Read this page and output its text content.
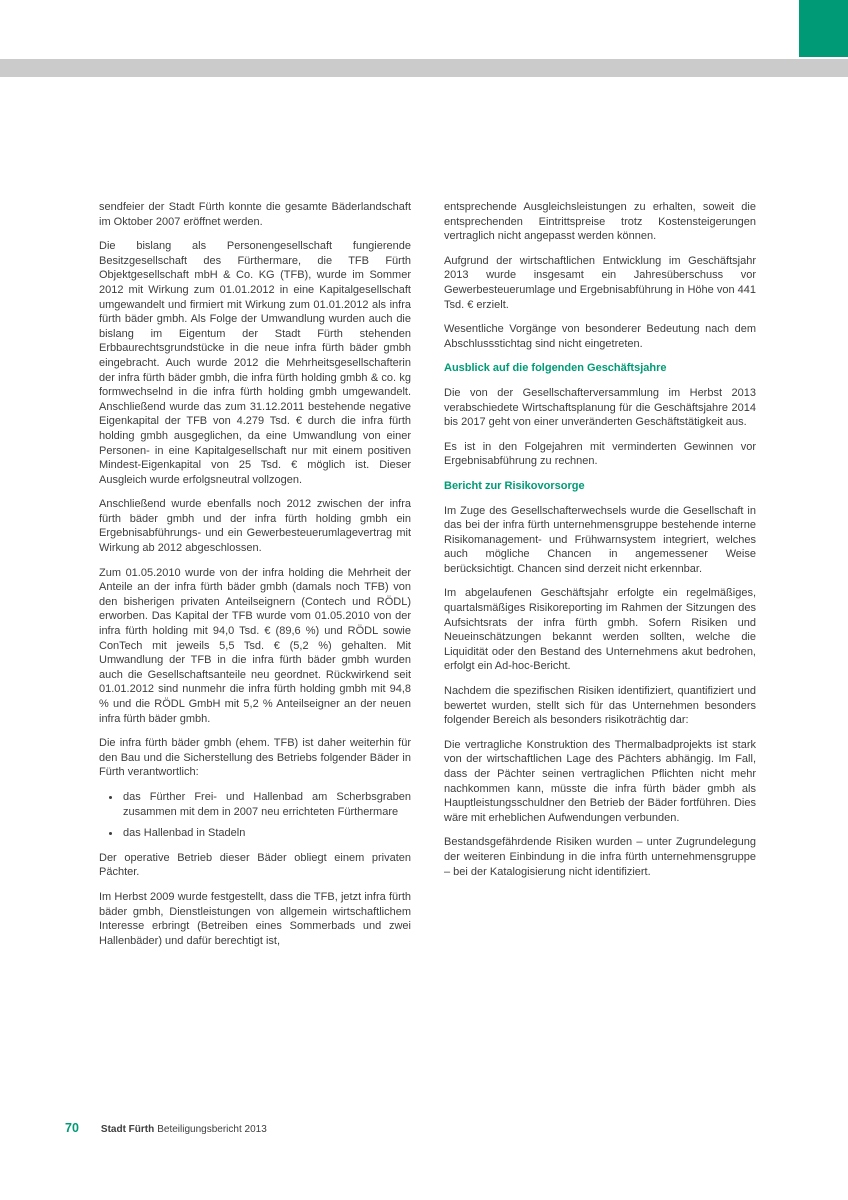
sendfeier der Stadt Fürth konnte die gesamte Bäderlandschaft im Oktober 2007 eröffnet werden.

Die bislang als Personengesellschaft fungierende Besitzgesellschaft des Fürthermare, die TFB Fürth Objektgesellschaft mbH & Co. KG (TFB), wurde im Sommer 2012 mit Wirkung zum 01.01.2012 in eine Kapitalgesellschaft umgewandelt und firmiert mit Wirkung zum 01.01.2012 als infra fürth bäder gmbh. Als Folge der Umwandlung wurden auch die bislang im Eigentum der Stadt Fürth stehenden Erbbaurechtsgrundstücke in die neue infra fürth bäder gmbh eingebracht. Auch wurde 2012 die Mehrheitsgesellschafterin der infra fürth bäder gmbh, die infra fürth holding gmbh & co. kg formwechselnd in die infra fürth holding gmbh umgewandelt. Anschließend wurde das zum 31.12.2011 bestehende negative Eigenkapital der TFB von 4.279 Tsd. € durch die infra fürth holding gmbh ausgeglichen, da eine Umwandlung von einer Personen- in eine Kapitalgesellschaft nur mit einem positiven Mindest-Eigenkapital von 25 Tsd. € möglich ist. Dieser Ausgleich wurde erfolgsneutral vollzogen.

Anschließend wurde ebenfalls noch 2012 zwischen der infra fürth bäder gmbh und der infra fürth holding gmbh ein Ergebnisabführungs- und ein Gewerbesteuerumlagevertrag mit Wirkung ab 2012 abgeschlossen.

Zum 01.05.2010 wurde von der infra holding die Mehrheit der Anteile an der infra fürth bäder gmbh (damals noch TFB) von den bisherigen privaten Anteilseignern (Contech und RÖDL) erworben. Das Kapital der TFB wurde vom 01.05.2010 von der infra fürth holding mit 94,0 Tsd. € (89,6 %) und RÖDL sowie ConTech mit jeweils 5,5 Tsd. € (5,2 %) gehalten. Mit Umwandlung der TFB in die infra fürth bäder gmbh wurden auch die Gesellschaftsanteile neu geordnet. Rückwirkend seit 01.01.2012 sind nunmehr die infra fürth holding gmbh mit 94,8 % und die RÖDL GmbH mit 5,2 % Anteilseigner an der neuen infra fürth bäder gmbh.

Die infra fürth bäder gmbh (ehem. TFB) ist daher weiterhin für den Bau und die Sicherstellung des Betriebs folgender Bäder in Fürth verantwortlich:

• das Fürther Frei- und Hallenbad am Scherbsgraben zusammen mit dem in 2007 neu errichteten Fürthermare
• das Hallenbad in Stadeln

Der operative Betrieb dieser Bäder obliegt einem privaten Pächter.

Im Herbst 2009 wurde festgestellt, dass die TFB, jetzt infra fürth bäder gmbh, Dienstleistungen von allgemein wirtschaftlichem Interesse erbringt (Betreiben eines Sommerbads und zwei Hallenbäder) und dafür berechtigt ist,

entsprechende Ausgleichsleistungen zu erhalten, soweit die entsprechenden Eintrittspreise trotz Kostensteigerungen vertraglich nicht angepasst werden können.

Aufgrund der wirtschaftlichen Entwicklung im Geschäftsjahr 2013 wurde insgesamt ein Jahresüberschuss vor Gewerbesteuerumlage und Ergebnisabführung in Höhe von 441 Tsd. € erzielt.

Wesentliche Vorgänge von besonderer Bedeutung nach dem Abschlussstichtag sind nicht eingetreten.

Ausblick auf die folgenden Geschäftsjahre

Die von der Gesellschafterversammlung im Herbst 2013 verabschiedete Wirtschaftsplanung für die Geschäftsjahre 2014 bis 2017 geht von einer unveränderten Geschäftstätigkeit aus.

Es ist in den Folgejahren mit verminderten Gewinnen vor Ergebnisabführung zu rechnen.

Bericht zur Risikovorsorge

Im Zuge des Gesellschafterwechsels wurde die Gesellschaft in das bei der infra fürth unternehmensgruppe bestehende interne Risikomanagement- und Frühwarnsystem integriert, welches auch mögliche Chancen in angemessener Weise berücksichtigt. Chancen sind derzeit nicht erkennbar.

Im abgelaufenen Geschäftsjahr erfolgte ein regelmäßiges, quartalsmäßiges Risikoreporting im Rahmen der Sitzungen des Aufsichtsrats der infra fürth gmbh. Sofern Risiken und Neueinschätzungen bekannt werden sollten, welche die Liquidität oder den Bestand des Unternehmens akut bedrohen, erfolgt ein Ad-hoc-Bericht.

Nachdem die spezifischen Risiken identifiziert, quantifiziert und bewertet wurden, stellt sich für das Unternehmen besonders folgender Bereich als besonders risikoträchtig dar:

Die vertragliche Konstruktion des Thermalbadprojekts ist stark von der wirtschaftlichen Lage des Pächters abhängig. Im Fall, dass der Pächter seinen vertraglichen Pflichten nicht mehr nachkommen kann, müsste die infra fürth bäder gmbh als Hauptleistungsschuldner den Betrieb der Bäder fortführen. Dies wäre mit erheblichen Aufwendungen verbunden.

Bestandsgefährdende Risiken wurden – unter Zugrundelegung der weiteren Einbindung in die infra fürth unternehmensgruppe – bei der Katalogisierung nicht identifiziert.

70 Stadt Fürth Beteiligungsbericht 2013
